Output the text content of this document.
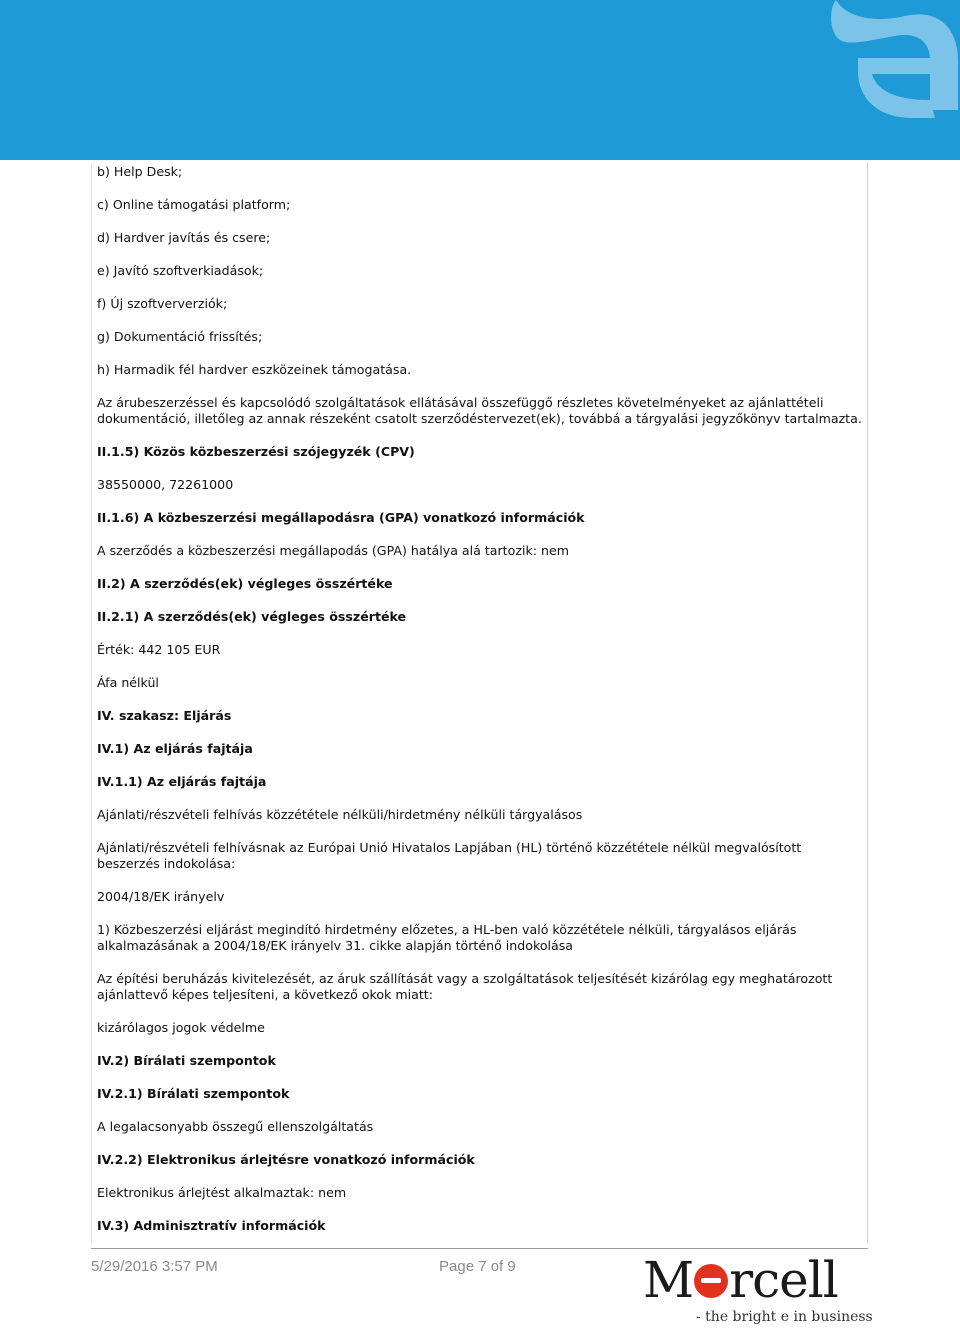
b) Help Desk;

c) Online támogatási platform;

d) Hardver javítás és csere;

e) Javító szoftverkiadások;

f) Új szoftververziók;

g) Dokumentáció frissítés;

h) Harmadik fél hardver eszközeinek támogatása.

Az árubeszerzéssel és kapcsolódó szolgáltatások ellátásával összefüggő részletes követelményeket az ajánlattételi dokumentáció, illetőleg az annak részeként csatolt szerződéstervezet(ek), továbbá a tárgyalási jegyzőkönyv tartalmazta.

II.1.5) Közös közbeszerzési szójegyzék (CPV)

38550000, 72261000

II.1.6) A közbeszerzési megállapodásra (GPA) vonatkozó információk

A szerződés a közbeszerzési megállapodás (GPA) hatálya alá tartozik: nem

II.2) A szerződés(ek) végleges összértéke

II.2.1) A szerződés(ek) végleges összértéke

Érték: 442 105 EUR

Áfa nélkül

IV. szakasz: Eljárás

IV.1) Az eljárás fajtája

IV.1.1) Az eljárás fajtája

Ajánlati/részvételi felhívás közzététele nélküli/hirdetmény nélküli tárgyalásos

Ajánlati/részvételi felhívásnak az Európai Unió Hivatalos Lapjában (HL) történő közzététele nélkül megvalósított beszerzés indokolása:

2004/18/EK irányelv

1) Közbeszerzési eljárást megindító hirdetmény előzetes, a HL-ben való közzététele nélküli, tárgyalásos eljárás alkalmazásának a 2004/18/EK irányelv 31. cikke alapján történő indokolása

Az építési beruházás kivitelezését, az áruk szállítását vagy a szolgáltatások teljesítését kizárólag egy meghatározott ajánlattevő képes teljesíteni, a következő okok miatt:

kizárólagos jogok védelme

IV.2) Bírálati szempontok

IV.2.1) Bírálati szempontok

A legalacsonyabb összegű ellenszolgáltatás

IV.2.2) Elektronikus árlejtésre vonatkozó információk

Elektronikus árlejtést alkalmaztak: nem

IV.3) Adminisztratív információk

5/29/2016 3:57 PM	Page 7 of 9	M rcell
- the bright e in business
